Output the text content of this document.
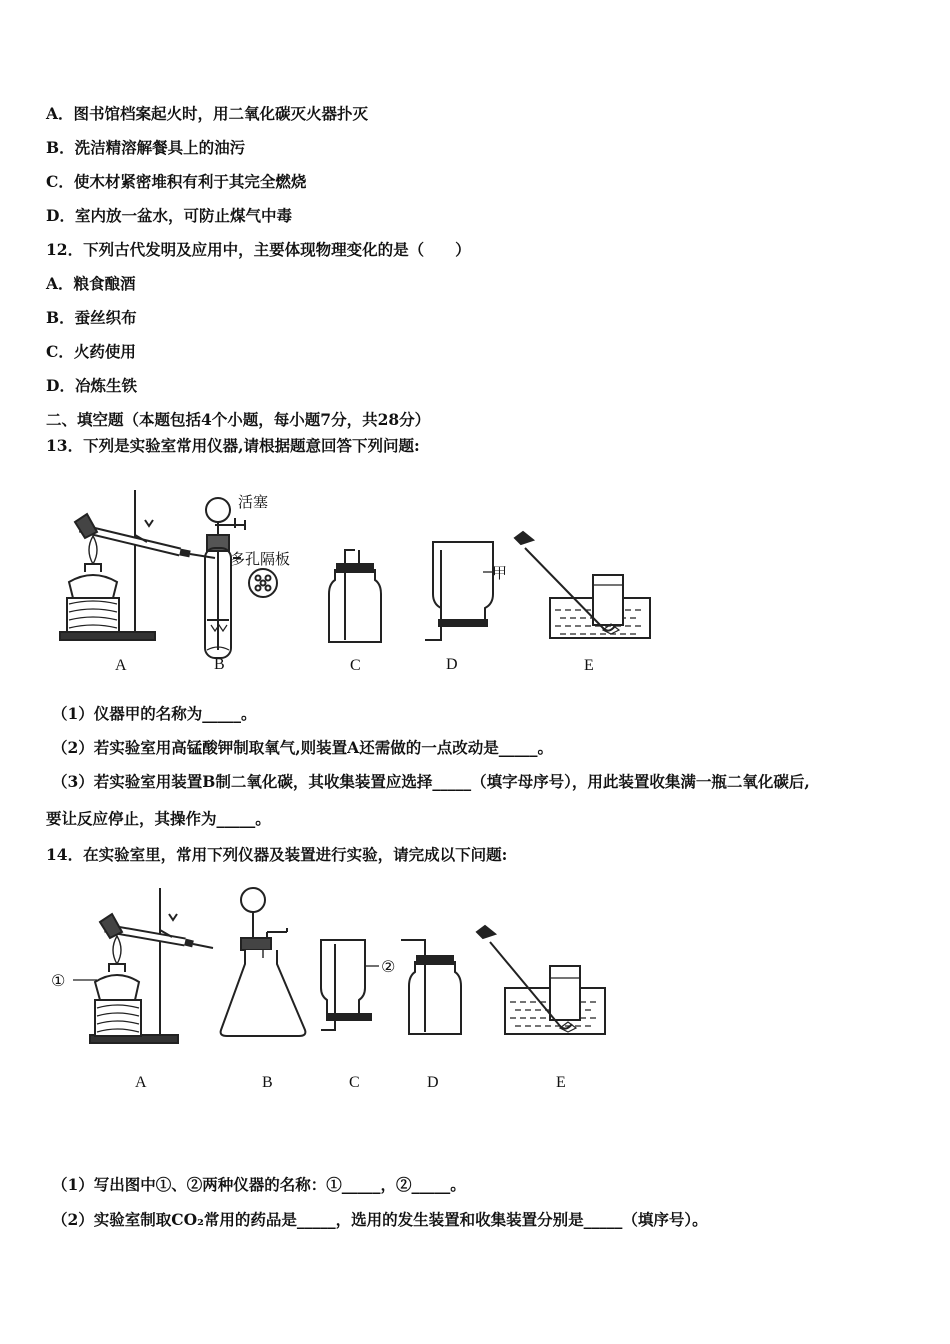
A．图书馆档案起火时，用二氧化碳灭火器扑灭
B．洗洁精溶解餐具上的油污
C．使木材紧密堆积有利于其完全燃烧
D．室内放一盆水，可防止煤气中毒
12．下列古代发明及应用中，主要体现物理变化的是（　　）
A．粮食酿酒
B．蚕丝织布
C．火药使用
D．冶炼生铁
二、填空题（本题包括4个小题，每小题7分，共28分）
13．下列是实验室常用仪器,请根据题意回答下列问题:
活塞
多孔隔板
甲
A	B	C	D	E
（1）仪器甲的名称为_____。
（2）若实验室用高锰酸钾制取氧气,则装置A还需做的一点改动是_____。
（3）若实验室用装置B制二氧化碳，其收集装置应选择_____（填字母序号），用此装置收集满一瓶二氧化碳后,
要让反应停止，其操作为_____。
14．在实验室里，常用下列仪器及装置进行实验，请完成以下问题:
①
②
A	B	C	D	E
（1）写出图中①、②两种仪器的名称：①_____，②_____。
（2）实验室制取CO₂常用的药品是_____，选用的发生装置和收集装置分别是_____（填序号）。
